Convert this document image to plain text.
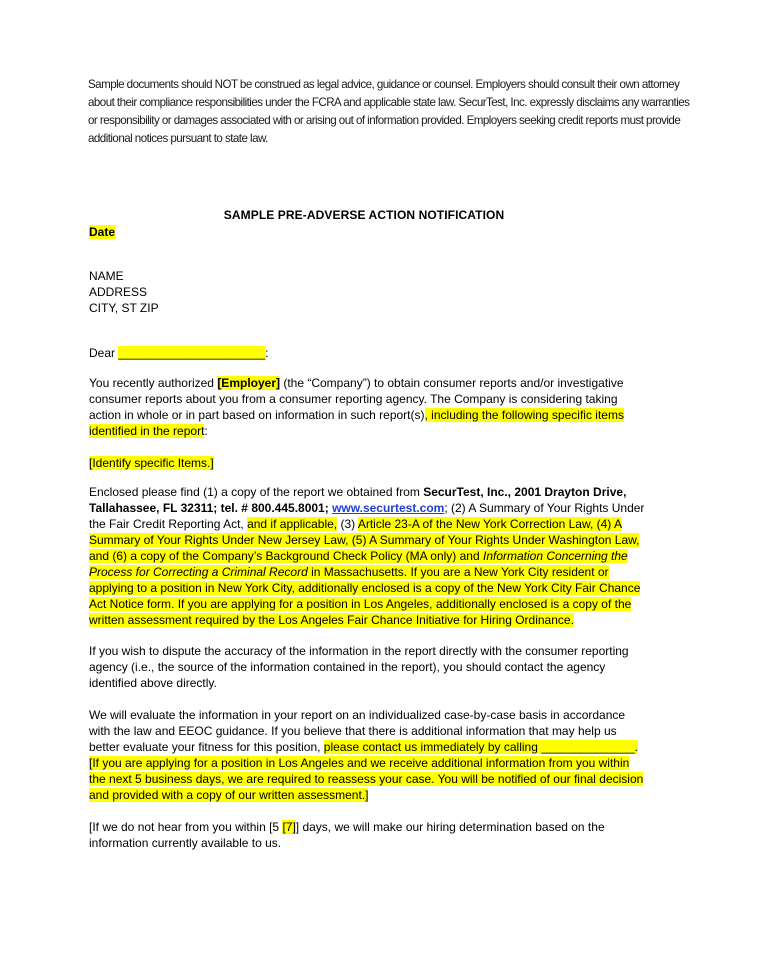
Sample documents should NOT be construed as legal advice, guidance or counsel. Employers should consult their own attorney about their compliance responsibilities under the FCRA and applicable state law. SecurTest, Inc. expressly disclaims any warranties or responsibility or damages associated with or arising out of information provided. Employers seeking credit reports must provide additional notices pursuant to state law.
SAMPLE PRE-ADVERSE ACTION NOTIFICATION
Date
NAME
ADDRESS
CITY, ST ZIP
Dear ______________________:

You recently authorized [Employer] (the “Company”) to obtain consumer reports and/or investigative consumer reports about you from a consumer reporting agency. The Company is considering taking action in whole or in part based on information in such report(s), including the following specific items identified in the report:

[Identify specific Items.]

Enclosed please find (1) a copy of the report we obtained from SecurTest, Inc., 2001 Drayton Drive, Tallahassee, FL 32311; tel. # 800.445.8001; www.securtest.com; (2) A Summary of Your Rights Under the Fair Credit Reporting Act, and if applicable, (3) Article 23-A of the New York Correction Law, (4) A Summary of Your Rights Under New Jersey Law, (5) A Summary of Your Rights Under Washington Law, and (6) a copy of the Company’s Background Check Policy (MA only) and Information Concerning the Process for Correcting a Criminal Record in Massachusetts. If you are a New York City resident or applying to a position in New York City, additionally enclosed is a copy of the New York City Fair Chance Act Notice form. If you are applying for a position in Los Angeles, additionally enclosed is a copy of the written assessment required by the Los Angeles Fair Chance Initiative for Hiring Ordinance.

If you wish to dispute the accuracy of the information in the report directly with the consumer reporting agency (i.e., the source of the information contained in the report), you should contact the agency identified above directly.

We will evaluate the information in your report on an individualized case-by-case basis in accordance with the law and EEOC guidance. If you believe that there is additional information that may help us better evaluate your fitness for this position, please contact us immediately by calling ______________. [If you are applying for a position in Los Angeles and we receive additional information from you within the next 5 business days, we are required to reassess your case. You will be notified of our final decision and provided with a copy of our written assessment.]

[If we do not hear from you within [5 [7]] days, we will make our hiring determination based on the information currently available to us.
